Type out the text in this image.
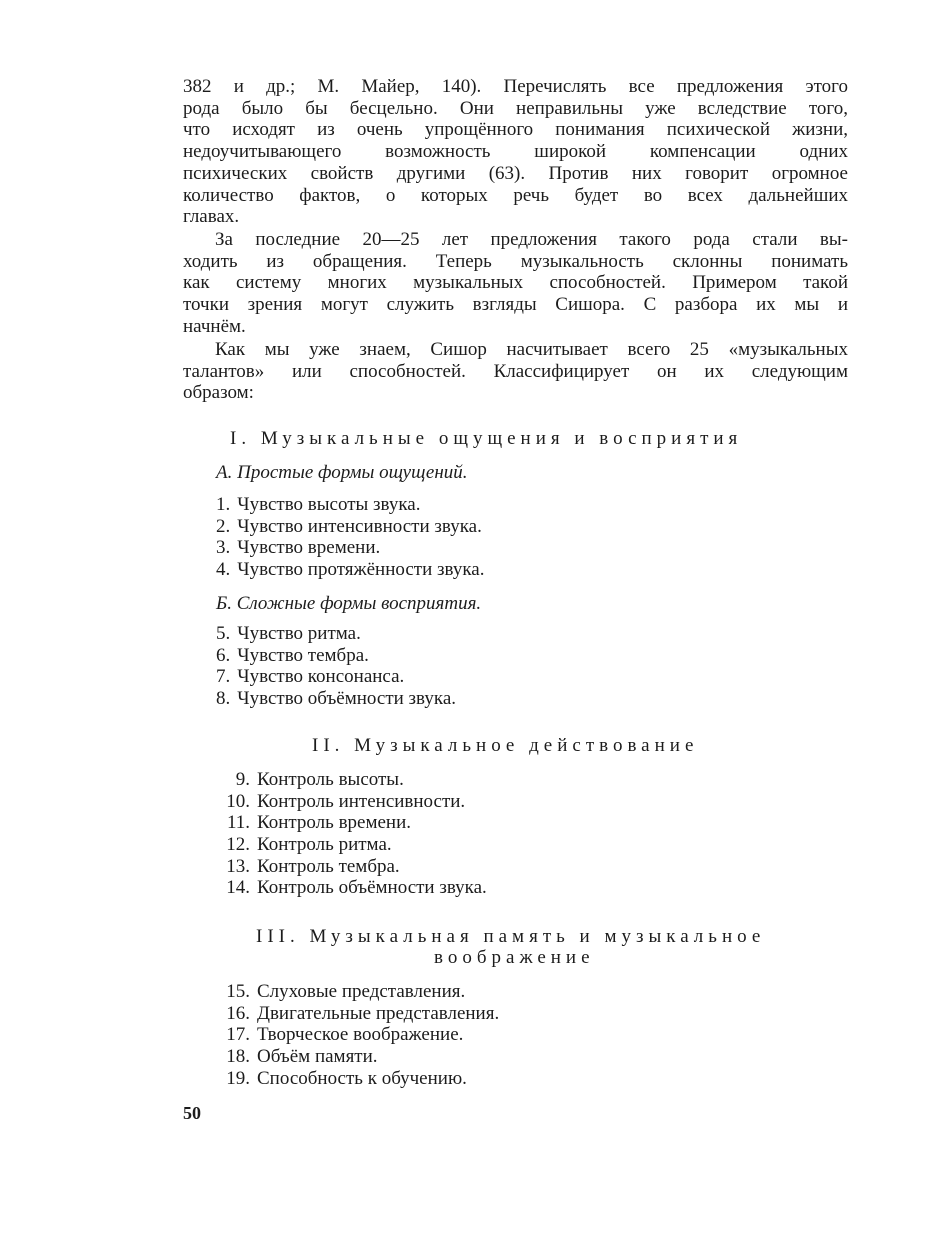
382 и др.; М. Майер, 140). Перечислять все предложения этого
рода было бы бесцельно. Они неправильны уже вследствие того,
что исходят из очень упрощённого понимания психической жизни,
недоучитывающего возможность широкой компенсации одних
психических свойств другими (63). Против них говорит огромное
количество фактов, о которых речь будет во всех дальнейших
главах.

За последние 20—25 лет предложения такого рода стали вы-
ходить из обращения. Теперь музыкальность склонны понимать
как систему многих музыкальных способностей. Примером такой
точки зрения могут служить взгляды Сишора. С разбора их мы и
начнём.

Как мы уже знаем, Сишор насчитывает всего 25 «музыкальных
талантов» или способностей. Классифицирует он их следующим
образом:

I. Музыкальные ощущения и восприятия

А. Простые формы ощущений.

1. Чувство высоты звука.
2. Чувство интенсивности звука.
3. Чувство времени.
4. Чувство протяжённости звука.

Б. Сложные формы восприятия.

5. Чувство ритма.
6. Чувство тембра.
7. Чувство консонанса.
8. Чувство объёмности звука.

II. Музыкальное действование

9. Контроль высоты.
10. Контроль интенсивности.
11. Контроль времени.
12. Контроль ритма.
13. Контроль тембра.
14. Контроль объёмности звука.

III. Музыкальная память и музыкальное

воображение

15. Слуховые представления.
16. Двигательные представления.
17. Творческое воображение.
18. Объём памяти.
19. Способность к обучению.

50
